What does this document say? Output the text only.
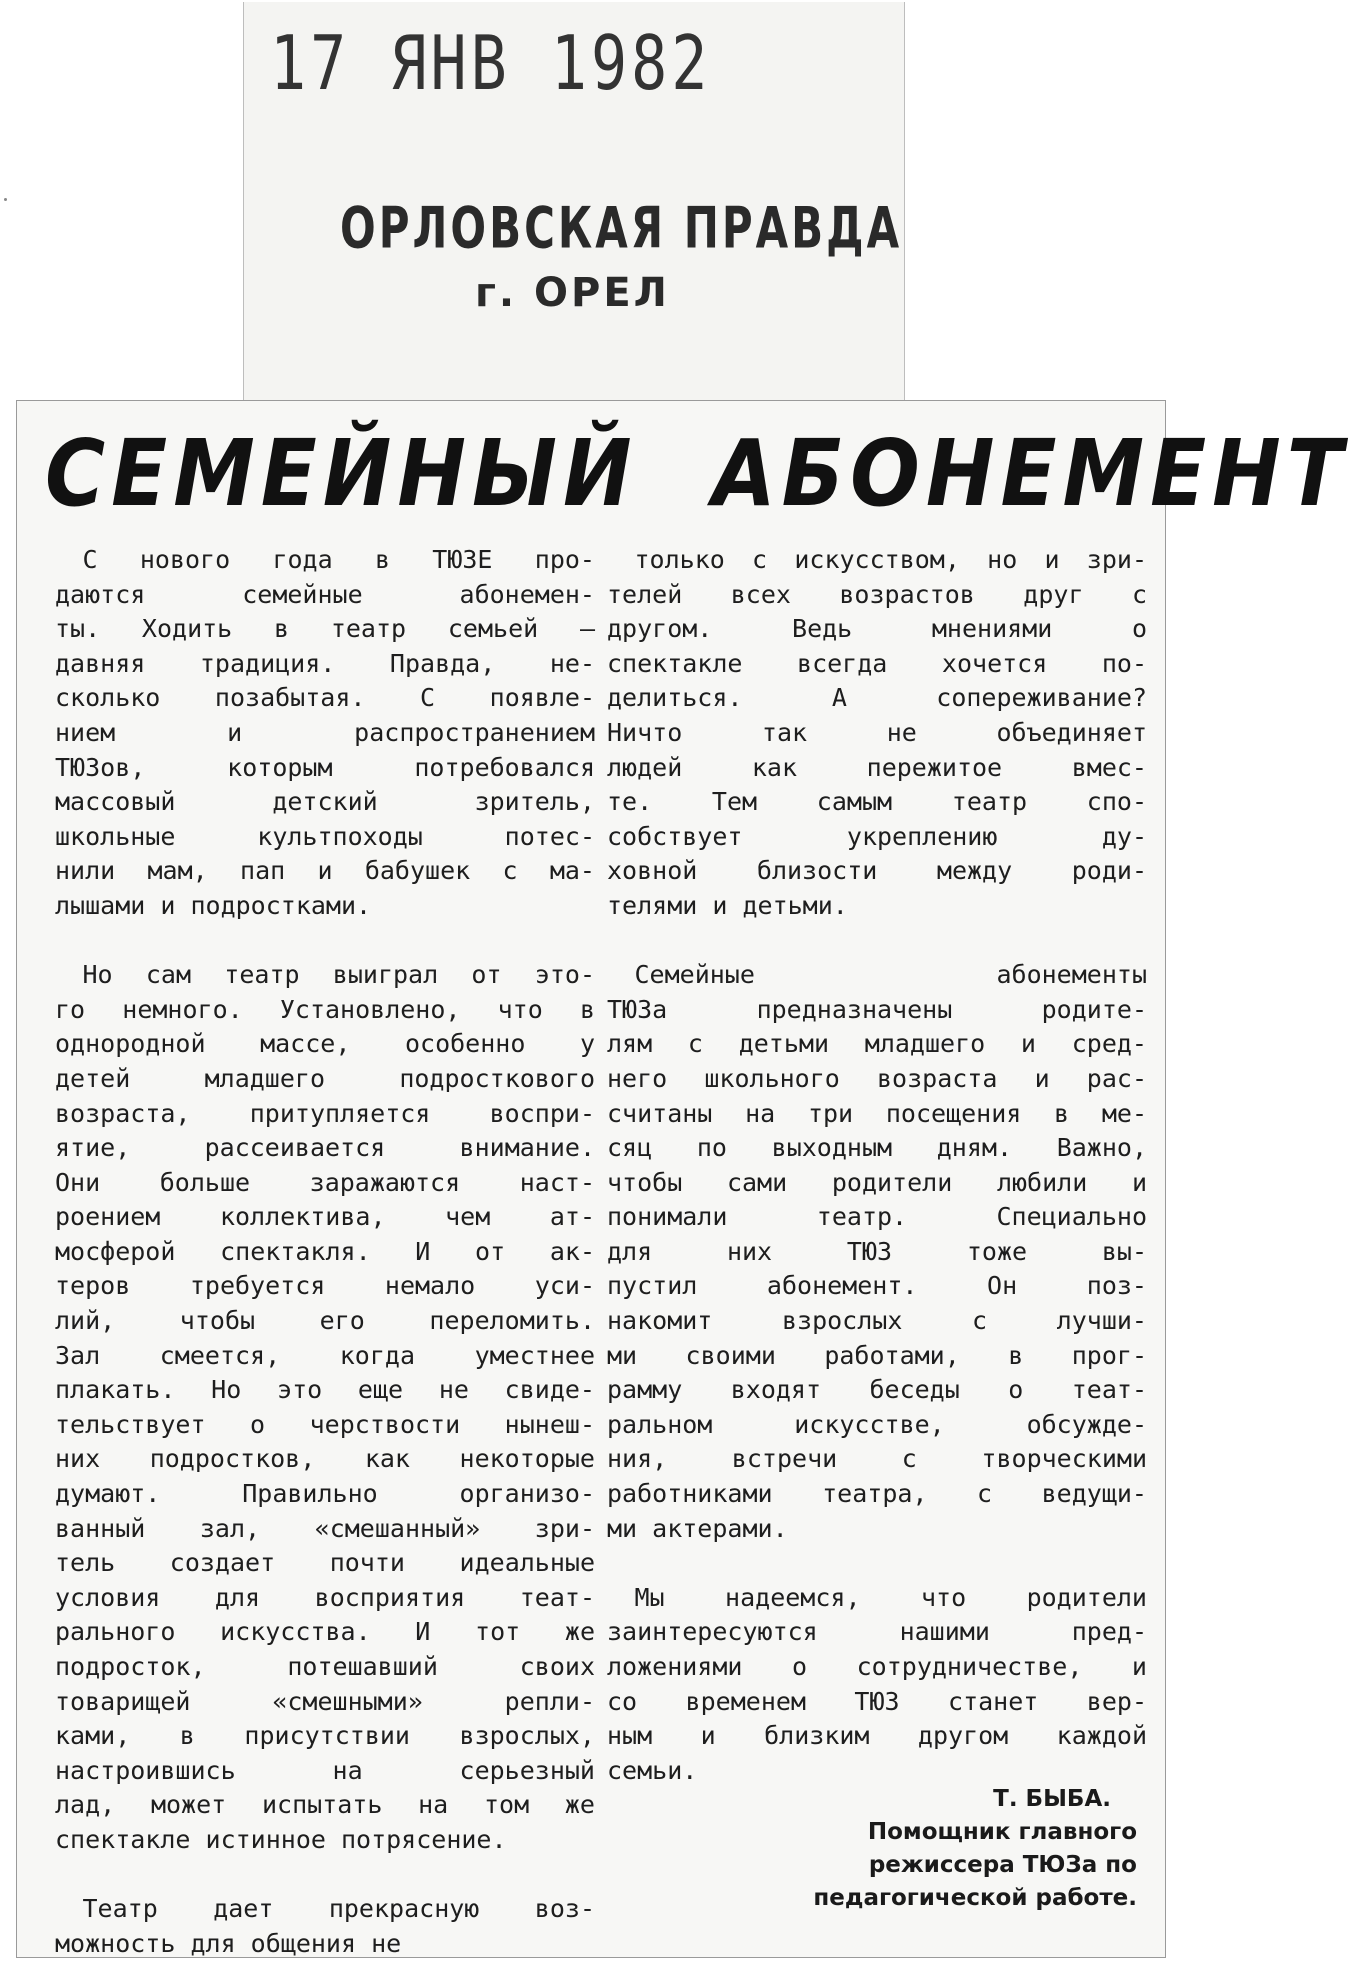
17 ЯНВ 1982
ОРЛОВСКАЯ ПРАВДА
г. ОРЕЛ
СЕМЕЙНЫЙ АБОНЕМЕНТ
С нового года в ТЮЗЕ про-
даются семейные абонемен-
ты. Ходить в театр семьей —
давняя традиция. Правда, не-
сколько позабытая. С появле-
нием и распространением
ТЮЗов, которым потребовался
массовый детский зритель,
школьные культпоходы потес-
нили мам, пап и бабушек с ма-
лышами и подростками.
Но сам театр выиграл от это-
го немного. Установлено, что в
однородной массе, особенно у
детей младшего подросткового
возраста, притупляется воспри-
ятие, рассеивается внимание.
Они больше заражаются наст-
роением коллектива, чем ат-
мосферой спектакля. И от ак-
теров требуется немало уси-
лий, чтобы его переломить.
Зал смеется, когда уместнее
плакать. Но это еще не свиде-
тельствует о черствости нынеш-
них подростков, как некоторые
думают. Правильно организо-
ванный зал, «смешанный» зри-
тель создает почти идеальные
условия для восприятия теат-
рального искусства. И тот же
подросток, потешавший своих
товарищей «смешными» репли-
ками, в присутствии взрослых,
настроившись на серьезный
лад, может испытать на том же
спектакле истинное потрясение.
Театр дает прекрасную воз-
можность для общения не
только с искусством, но и зри-
телей всех возрастов друг с
другом. Ведь мнениями о
спектакле всегда хочется по-
делиться. А сопереживание?
Ничто так не объединяет
людей как пережитое вмес-
те. Тем самым театр спо-
собствует укреплению ду-
ховной близости между роди-
телями и детьми.
Семейные абонементы
ТЮЗа предназначены родите-
лям с детьми младшего и сред-
него школьного возраста и рас-
считаны на три посещения в ме-
сяц по выходным дням. Важно,
чтобы сами родители любили и
понимали театр. Специально
для них ТЮЗ тоже вы-
пустил абонемент. Он поз-
накомит взрослых с лучши-
ми своими работами, в прог-
рамму входят беседы о теат-
ральном искусстве, обсужде-
ния, встречи с творческими
работниками театра, с ведущи-
ми актерами.
Мы надеемся, что родители
заинтересуются нашими пред-
ложениями о сотрудничестве, и
со временем ТЮЗ станет вер-
ным и близким другом каждой
семьи.
Т. БЫБА.
Помощник главного
режиссера ТЮЗа по
педагогической работе.
